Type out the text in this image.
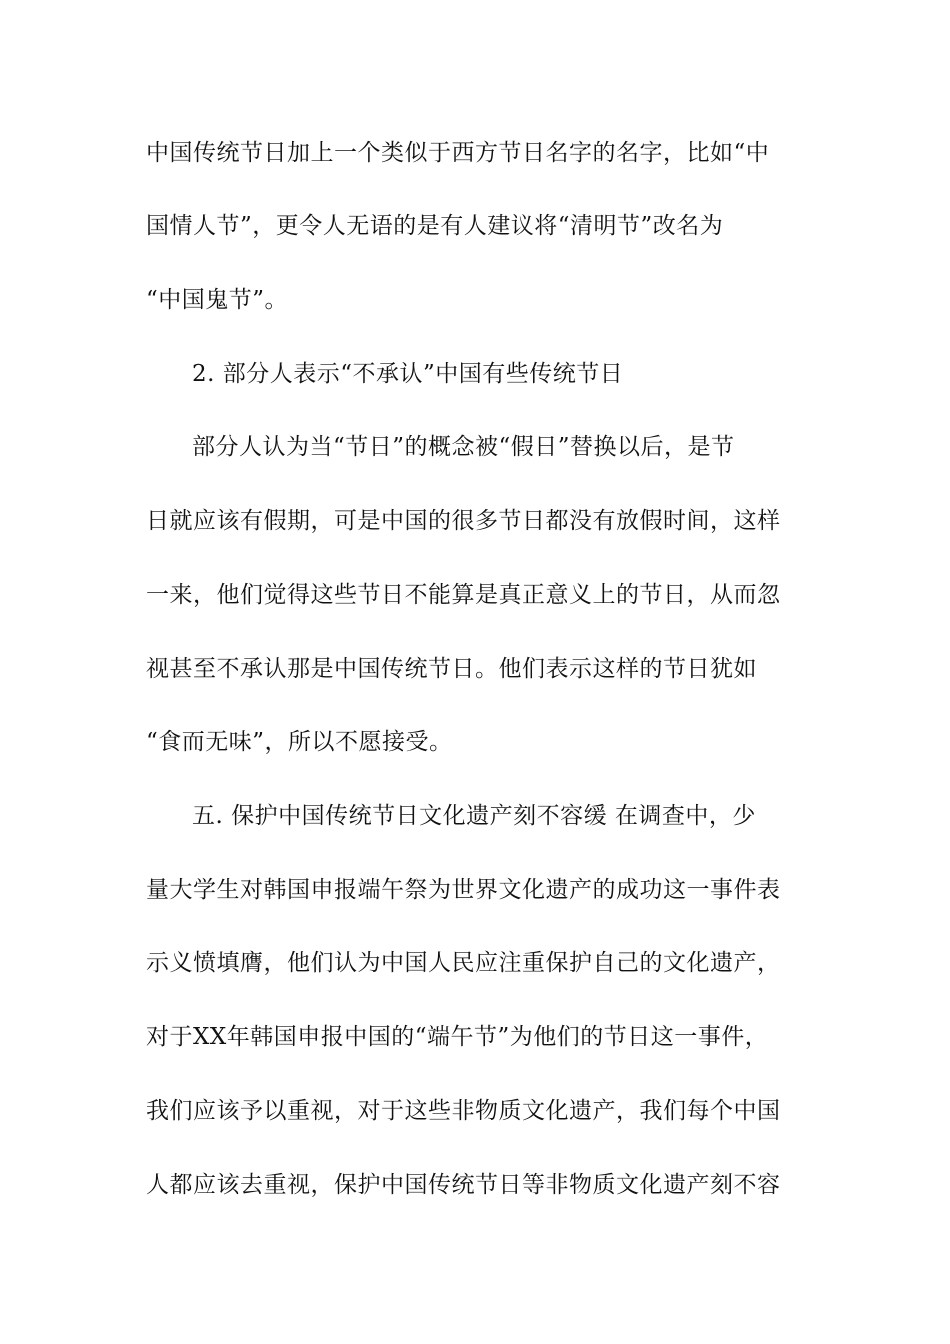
中国传统节日加上一个类似于西方节日名字的名字，比如“中
国情人节”，更令人无语的是有人建议将“清明节”改名为
“中国鬼节”。
2. 部分人表示“不承认”中国有些传统节日
部分人认为当“节日”的概念被“假日”替换以后，是节
日就应该有假期，可是中国的很多节日都没有放假时间，这样
一来，他们觉得这些节日不能算是真正意义上的节日，从而忽
视甚至不承认那是中国传统节日。他们表示这样的节日犹如
“食而无味”，所以不愿接受。
五. 保护中国传统节日文化遗产刻不容缓 在调查中，少
量大学生对韩国申报端午祭为世界文化遗产的成功这一事件表
示义愤填膺，他们认为中国人民应注重保护自己的文化遗产，
对于XX年韩国申报中国的“端午节”为他们的节日这一事件，
我们应该予以重视，对于这些非物质文化遗产，我们每个中国
人都应该去重视，保护中国传统节日等非物质文化遗产刻不容
